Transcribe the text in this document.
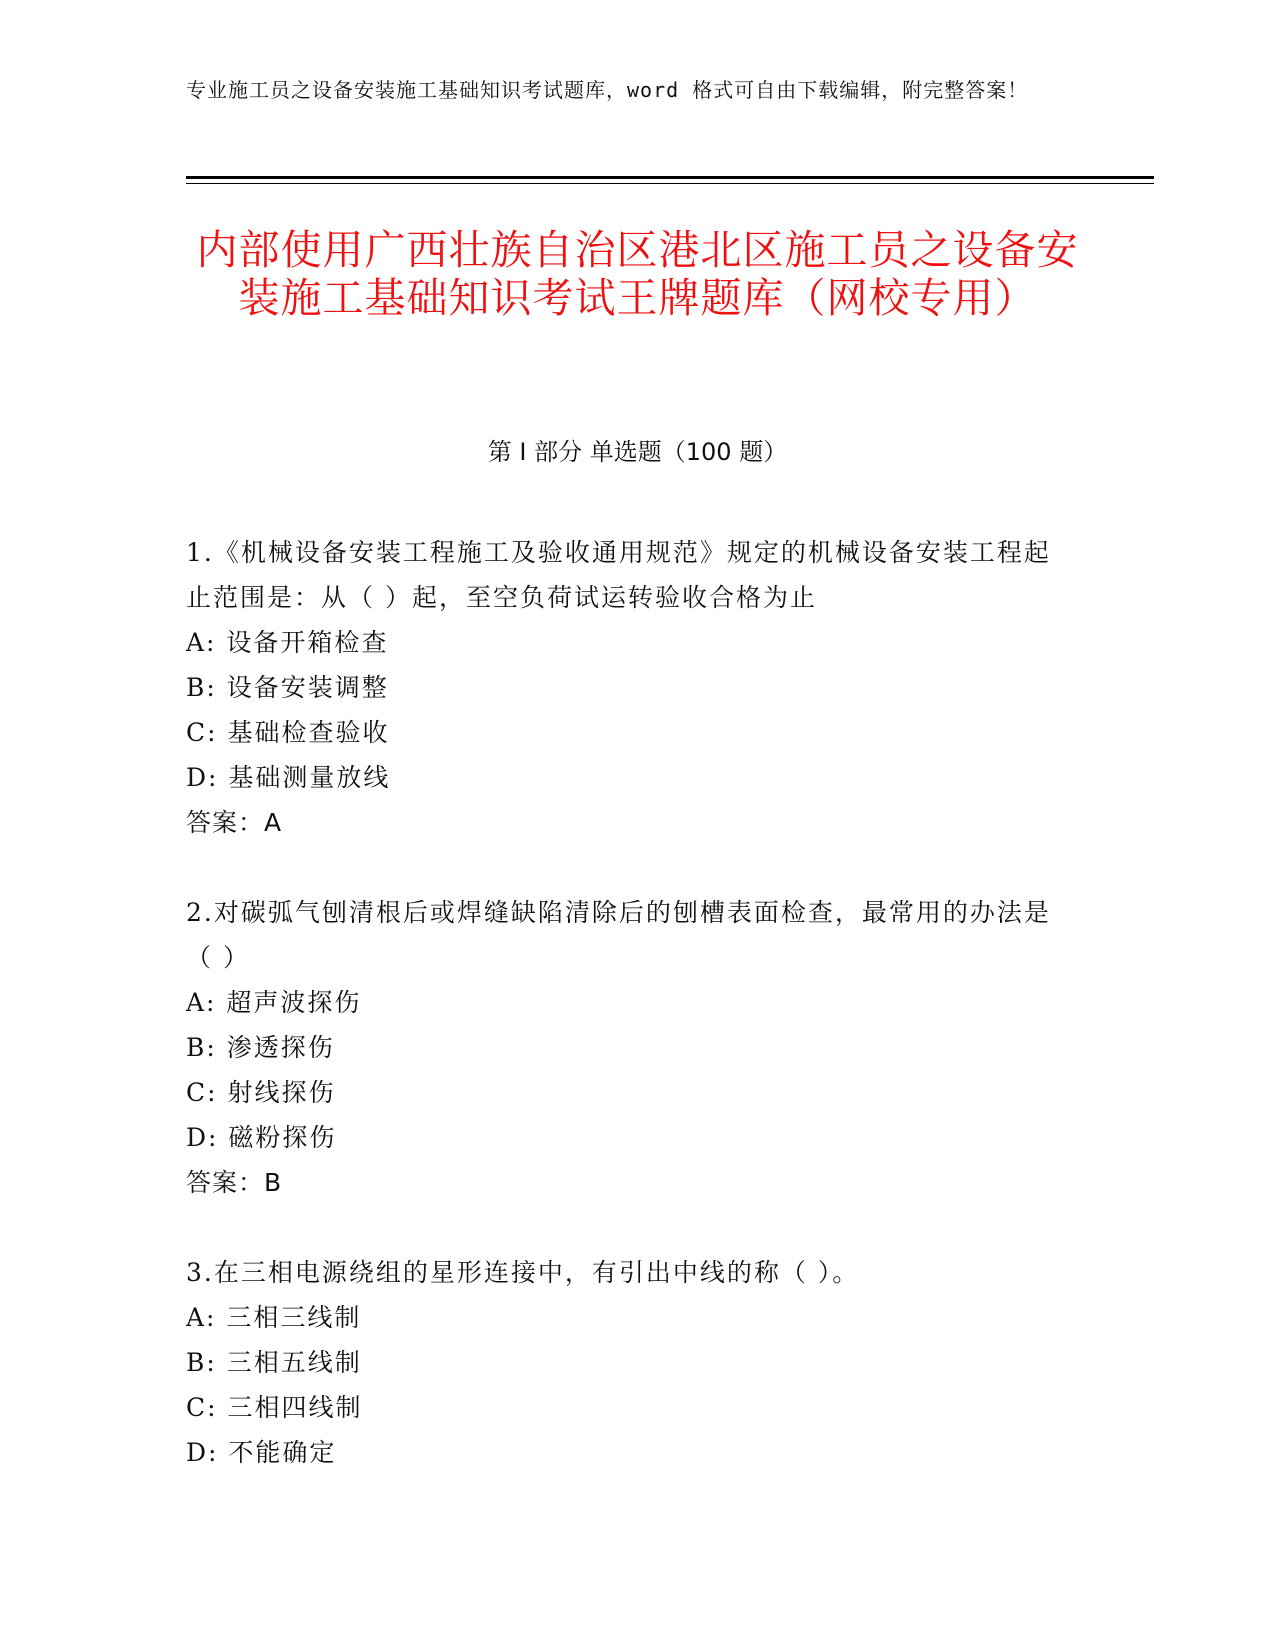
专业施工员之设备安装施工基础知识考试题库，word 格式可自由下载编辑，附完整答案！
内部使用广西壮族自治区港北区施工员之设备安装施工基础知识考试王牌题库（网校专用）
第 I 部分 单选题（100 题）

1.《机械设备安装工程施工及验收通用规范》规定的机械设备安装工程起止范围是：从（ ）起，至空负荷试运转验收合格为止

A: 设备开箱检查

B: 设备安装调整

C: 基础检查验收

D: 基础测量放线

答案：A

2.对碳弧气刨清根后或焊缝缺陷清除后的刨槽表面检查，最常用的办法是（ ）

A: 超声波探伤

B: 渗透探伤

C: 射线探伤

D: 磁粉探伤

答案：B

3.在三相电源绕组的星形连接中，有引出中线的称（ ）。

A: 三相三线制

B: 三相五线制

C: 三相四线制

D: 不能确定
